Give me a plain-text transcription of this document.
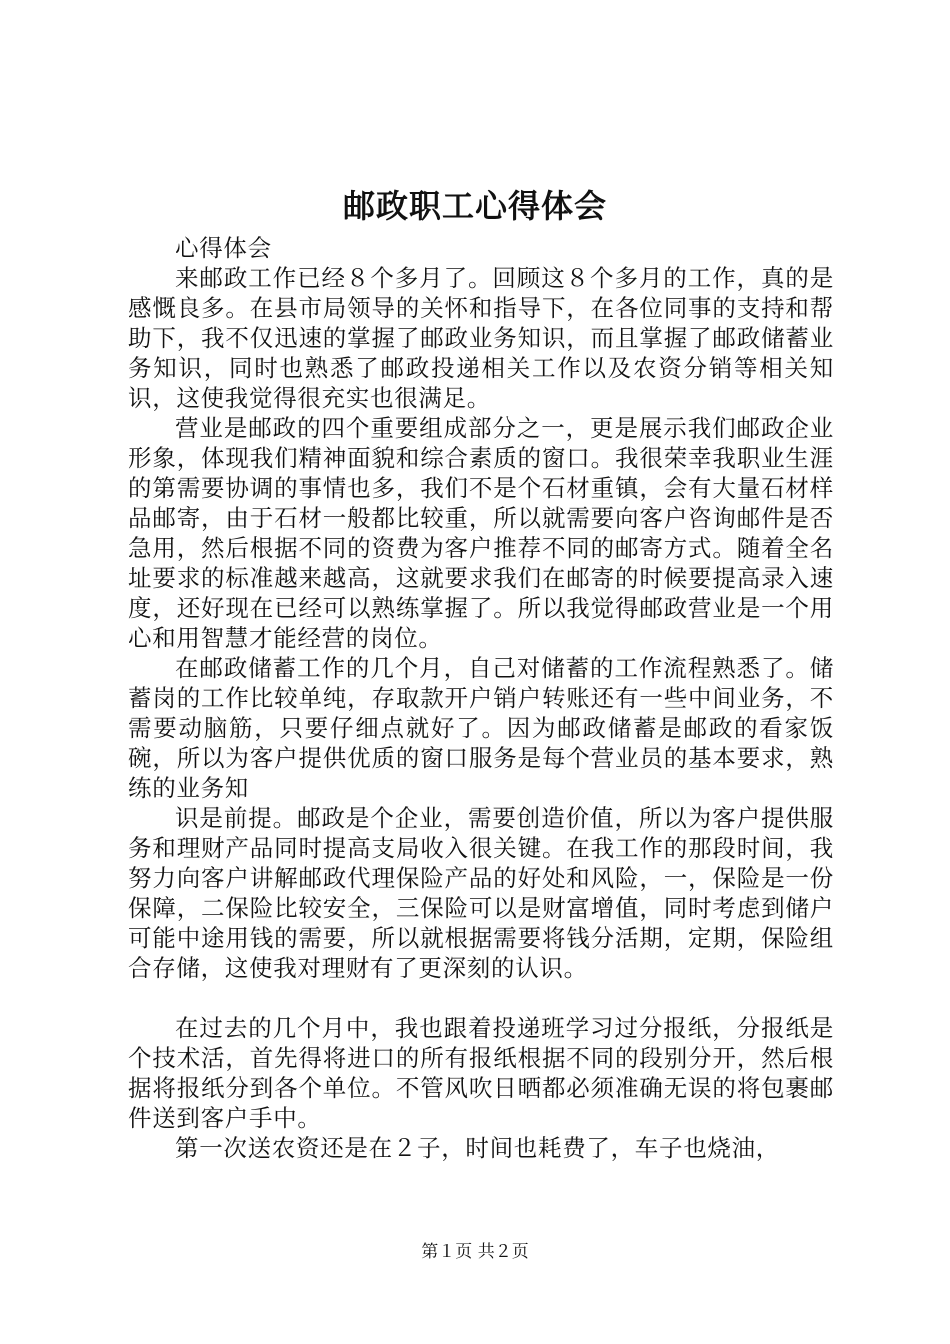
邮政职工心得体会

心得体会

来邮政工作已经８个多月了。回顾这８个多月的工作，真的是感慨良多。在县市局领导的关怀和指导下，在各位同事的支持和帮助下，我不仅迅速的掌握了邮政业务知识，而且掌握了邮政储蓄业务知识，同时也熟悉了邮政投递相关工作以及农资分销等相关知识，这使我觉得很充实也很满足。

营业是邮政的四个重要组成部分之一，更是展示我们邮政企业形象，体现我们精神面貌和综合素质的窗口。我很荣幸我职业生涯的第需要协调的事情也多，我们不是个石材重镇，会有大量石材样品邮寄，由于石材一般都比较重，所以就需要向客户咨询邮件是否急用，然后根据不同的资费为客户推荐不同的邮寄方式。随着全名址要求的标准越来越高，这就要求我们在邮寄的时候要提高录入速度，还好现在已经可以熟练掌握了。所以我觉得邮政营业是一个用心和用智慧才能经营的岗位。

在邮政储蓄工作的几个月，自己对储蓄的工作流程熟悉了。储蓄岗的工作比较单纯，存取款开户销户转账还有一些中间业务，不需要动脑筋，只要仔细点就好了。因为邮政储蓄是邮政的看家饭碗，所以为客户提供优质的窗口服务是每个营业员的基本要求，熟练的业务知

识是前提。邮政是个企业，需要创造价值，所以为客户提供服务和理财产品同时提高支局收入很关键。在我工作的那段时间，我努力向客户讲解邮政代理保险产品的好处和风险，一，保险是一份保障，二保险比较安全，三保险可以是财富增值，同时考虑到储户可能中途用钱的需要，所以就根据需要将钱分活期，定期，保险组合存储，这使我对理财有了更深刻的认识。

在过去的几个月中，我也跟着投递班学习过分报纸，分报纸是个技术活，首先得将进口的所有报纸根据不同的段别分开，然后根据将报纸分到各个单位。不管风吹日晒都必须准确无误的将包裹邮件送到客户手中。

第一次送农资还是在２子，时间也耗费了，车子也烧油，

第１页 共２页
